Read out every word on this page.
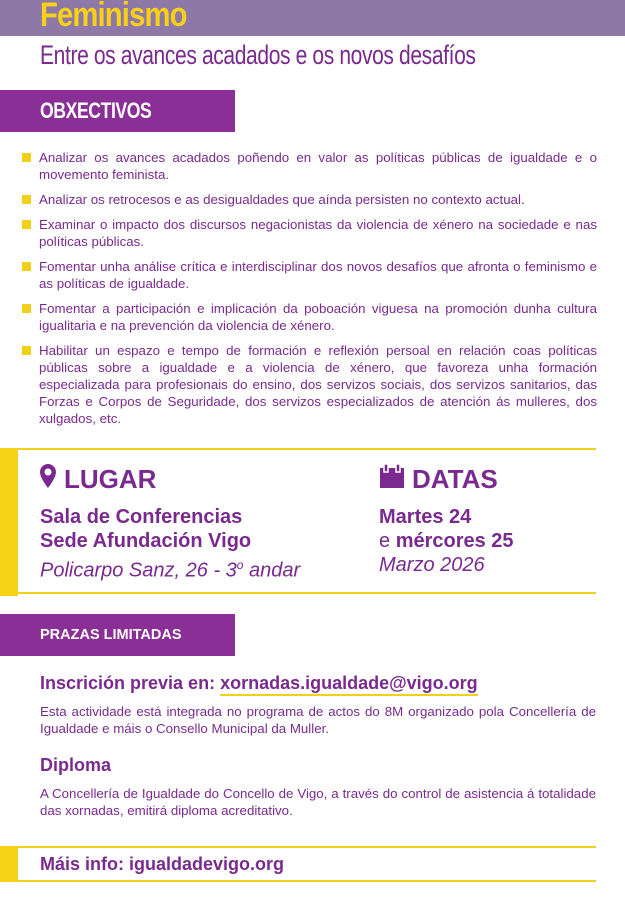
Feminismo
Entre os avances acadados e os novos desafíos
OBXECTIVOS
Analizar os avances acadados poñendo en valor as políticas públicas de igualdade e o movemento feminista.
Analizar os retrocesos e as desigualdades que aínda persisten no contexto actual.
Examinar o impacto dos discursos negacionistas da violencia de xénero na sociedade e nas políticas públicas.
Fomentar unha análise crítica e interdisciplinar dos novos desafíos que afronta o feminismo e as políticas de igualdade.
Fomentar a participación e implicación da poboación viguesa na promoción dunha cultura igualitaria e na prevención da violencia de xénero.
Habilitar un espazo e tempo de formación e reflexión persoal en relación coas políticas públicas sobre a igualdade e a violencia de xénero, que favoreza unha formación especializada para profesionais do ensino, dos servizos sociais, dos servizos sanitarios, das Forzas e Corpos de Seguridade, dos servizos especializados de atención ás mulleres, dos xulgados, etc.
LUGAR
Sala de Conferencias
Sede Afundación Vigo
Policarpo Sanz, 26 - 3$^o$ andar
DATAS
Martes 24
e mércores 25
Marzo 2026
PRAZAS LIMITADAS
Inscrición previa en: xornadas.igualdade@vigo.org
Esta actividade está integrada no programa de actos do 8M organizado pola Concellería de Igualdade e máis o Consello Municipal da Muller.
Diploma
A Concellería de Igualdade do Concello de Vigo, a través do control de asistencia á totalidade das xornadas, emitirá diploma acreditativo.
Máis info: igualdadevigo.org
